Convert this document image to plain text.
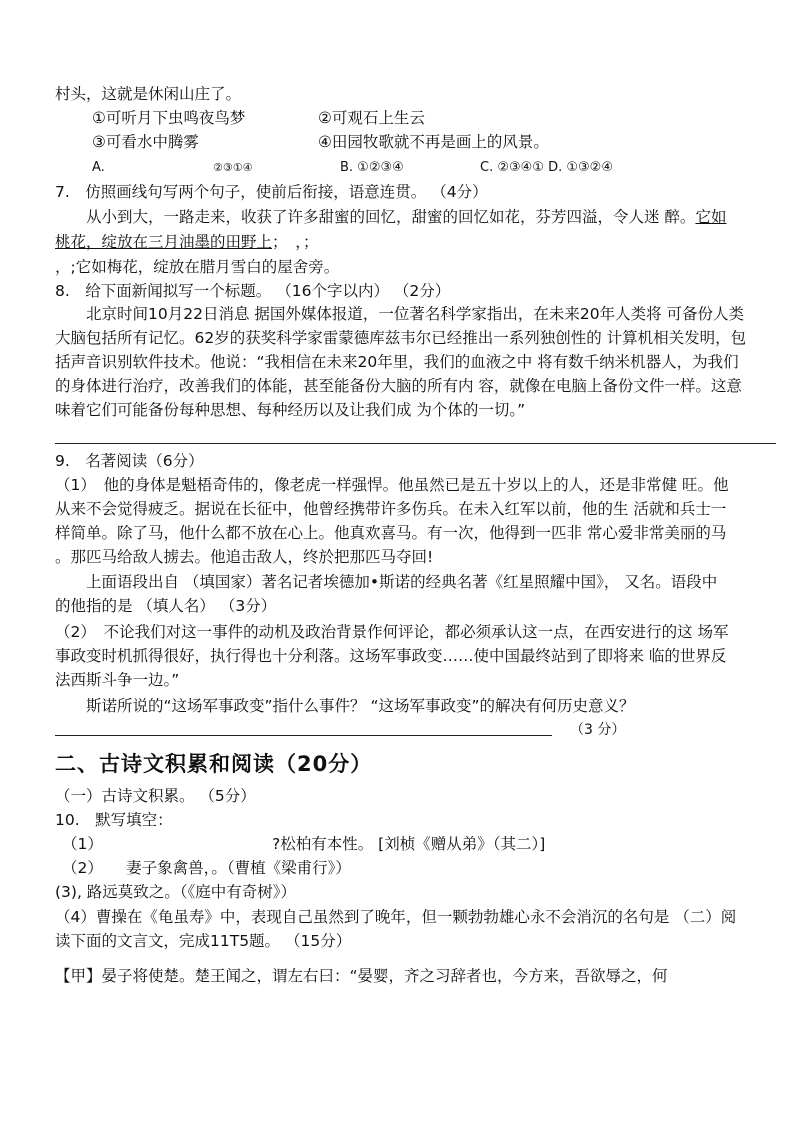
村头，这就是休闲山庄了。
①可听月下虫鸣夜鸟梦	②可观石上生云
③可看水中腾雾	④田园牧歌就不再是画上的风景。
A.	②③①④	B. ①②③④	C. ②③④① D. ①③②④
7.　仿照画线句写两个句子，使前后衔接，语意连贯。 （4分）
从小到大，一路走来，收获了许多甜蜜的回忆，甜蜜的回忆如花，芬芳四溢，令人迷 醉。它如
桃花，绽放在三月油墨的田野上；　，；
，;它如梅花，绽放在腊月雪白的屋舍旁。
8.　给下面新闻拟写一个标题。 （16个字以内） （2分）
北京时间10月22日消息 据国外媒体报道，一位著名科学家指出，在未来20年人类将 可备份人类
大脑包括所有记忆。62岁的获奖科学家雷蒙德库兹韦尔已经推出一系列独创性的 计算机相关发明，包
括声音识别软件技术。他说：“我相信在未来20年里，我们的血液之中 将有数千纳米机器人，为我们
的身体进行治疗，改善我们的体能，甚至能备份大脑的所有内 容，就像在电脑上备份文件一样。这意
味着它们可能备份每种思想、每种经历以及让我们成 为个体的一切。”
9.　名著阅读（6分）
（1）　他的身体是魁梧奇伟的，像老虎一样强悍。他虽然已是五十岁以上的人，还是非常健 旺。他
从来不会觉得疲乏。据说在长征中，他曾经携带许多伤兵。在未入红军以前，他的生 活就和兵士一
样简单。除了马，他什么都不放在心上。他真欢喜马。有一次，他得到一匹非 常心爱非常美丽的马
。那匹马给敌人掳去。他追击敌人，终於把那匹马夺回!
上面语段出自 （填国家）著名记者埃德加•斯诺的经典名著《红星照耀中国》， 又名。语段中
的他指的是 （填人名） （3分）
（2）　不论我们对这一事件的动机及政治背景作何评论，都必须承认这一点，在西安进行的这 场军
事政变时机抓得很好，执行得也十分利落。这场军事政变……使中国最终站到了即将来 临的世界反
法西斯斗争一边。”
斯诺所说的“这场军事政变”指什么事件？ “这场军事政变”的解决有何历史意义？
（3 分）
二、古诗文积累和阅读（20分）
（一）古诗文积累。 （5分）
10.　默写填空：
（1）	?松柏有本性。 [刘桢《赠从弟》（其二）]
（2）　　妻子象禽兽，。（曹植《梁甫行》）
(3), 路远莫致之。（《庭中有奇树》）
（4）曹操在《龟虽寿》中，表现自己虽然到了晚年，但一颗勃勃雄心永不会消沉的名句是 （二）阅
读下面的文言文，完成11T5题。 （15分）
【甲】晏子将使楚。楚王闻之，谓左右曰：“晏婴，齐之习辞者也，今方来，吾欲辱之，何
